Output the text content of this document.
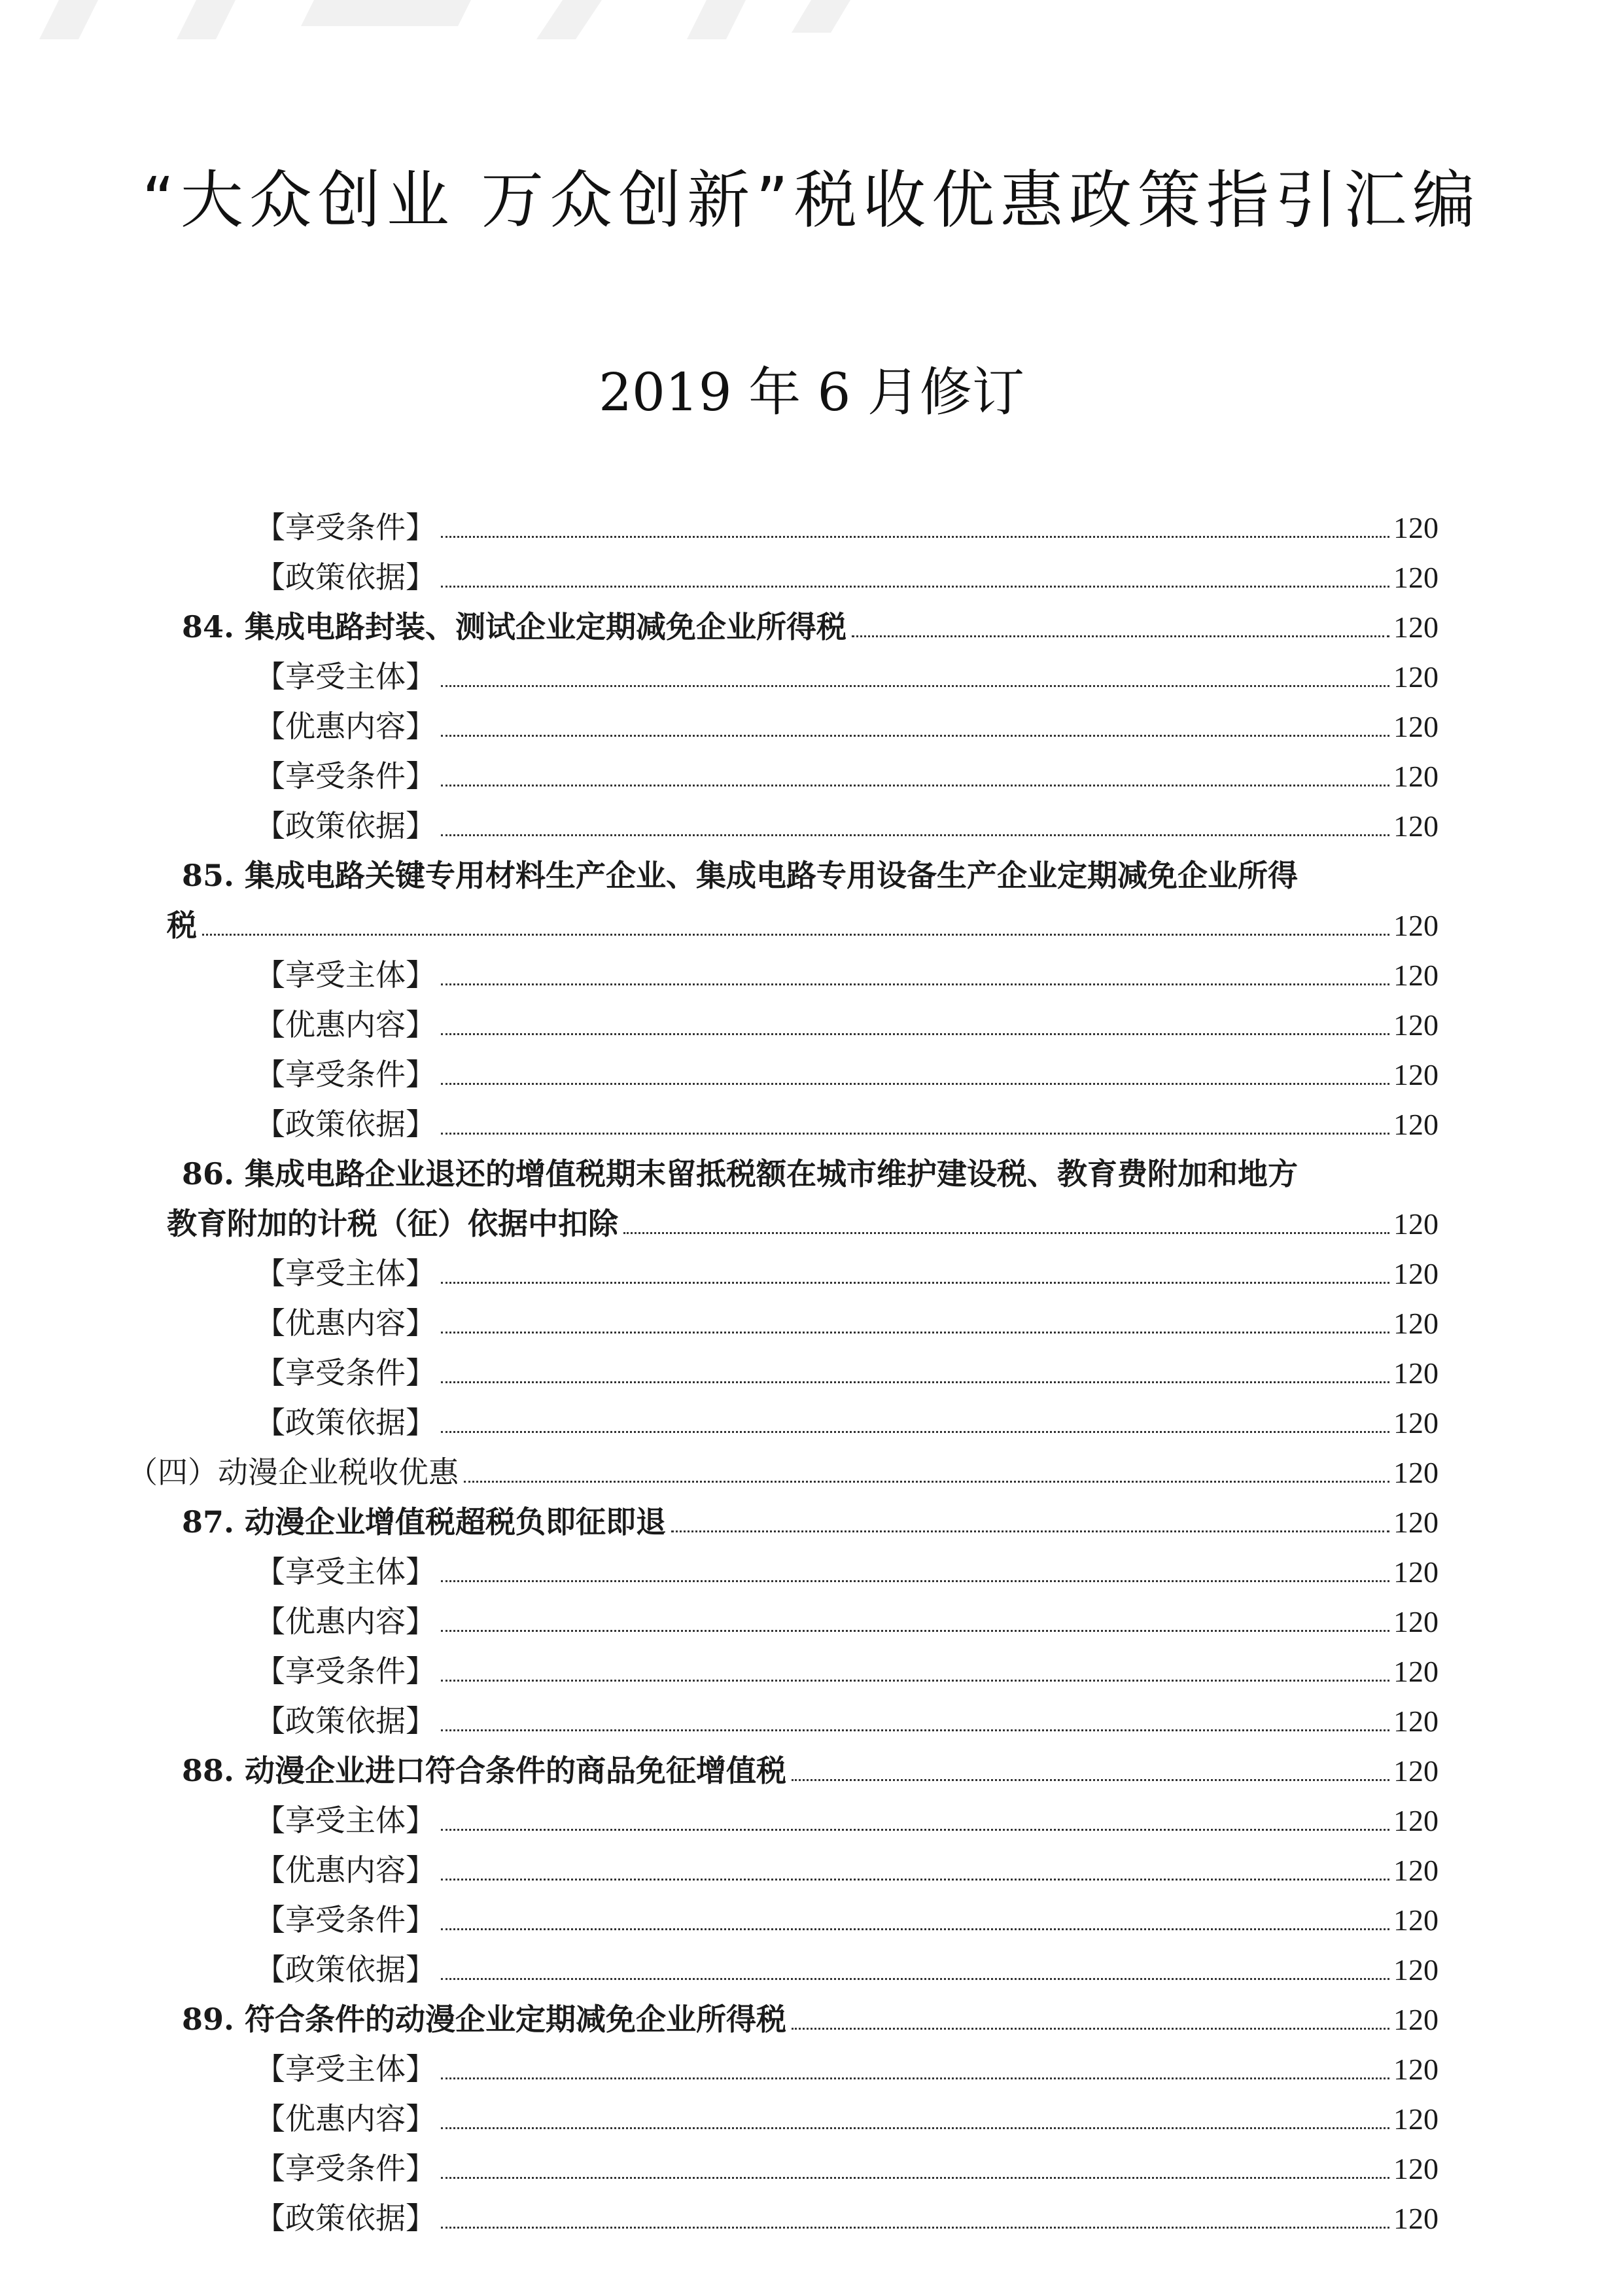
“大众创业 万众创新”税收优惠政策指引汇编
2019 年 6 月修订
【享受条件】	120
【政策依据】	120
84. 集成电路封装、测试企业定期减免企业所得税	120
【享受主体】	120
【优惠内容】	120
【享受条件】	120
【政策依据】	120
85. 集成电路关键专用材料生产企业、集成电路专用设备生产企业定期减免企业所得
税	120
【享受主体】	120
【优惠内容】	120
【享受条件】	120
【政策依据】	120
86. 集成电路企业退还的增值税期末留抵税额在城市维护建设税、教育费附加和地方
教育附加的计税（征）依据中扣除	120
【享受主体】	120
【优惠内容】	120
【享受条件】	120
【政策依据】	120
（四）动漫企业税收优惠	120
87. 动漫企业增值税超税负即征即退	120
【享受主体】	120
【优惠内容】	120
【享受条件】	120
【政策依据】	120
88. 动漫企业进口符合条件的商品免征增值税	120
【享受主体】	120
【优惠内容】	120
【享受条件】	120
【政策依据】	120
89. 符合条件的动漫企业定期减免企业所得税	120
【享受主体】	120
【优惠内容】	120
【享受条件】	120
【政策依据】	120
